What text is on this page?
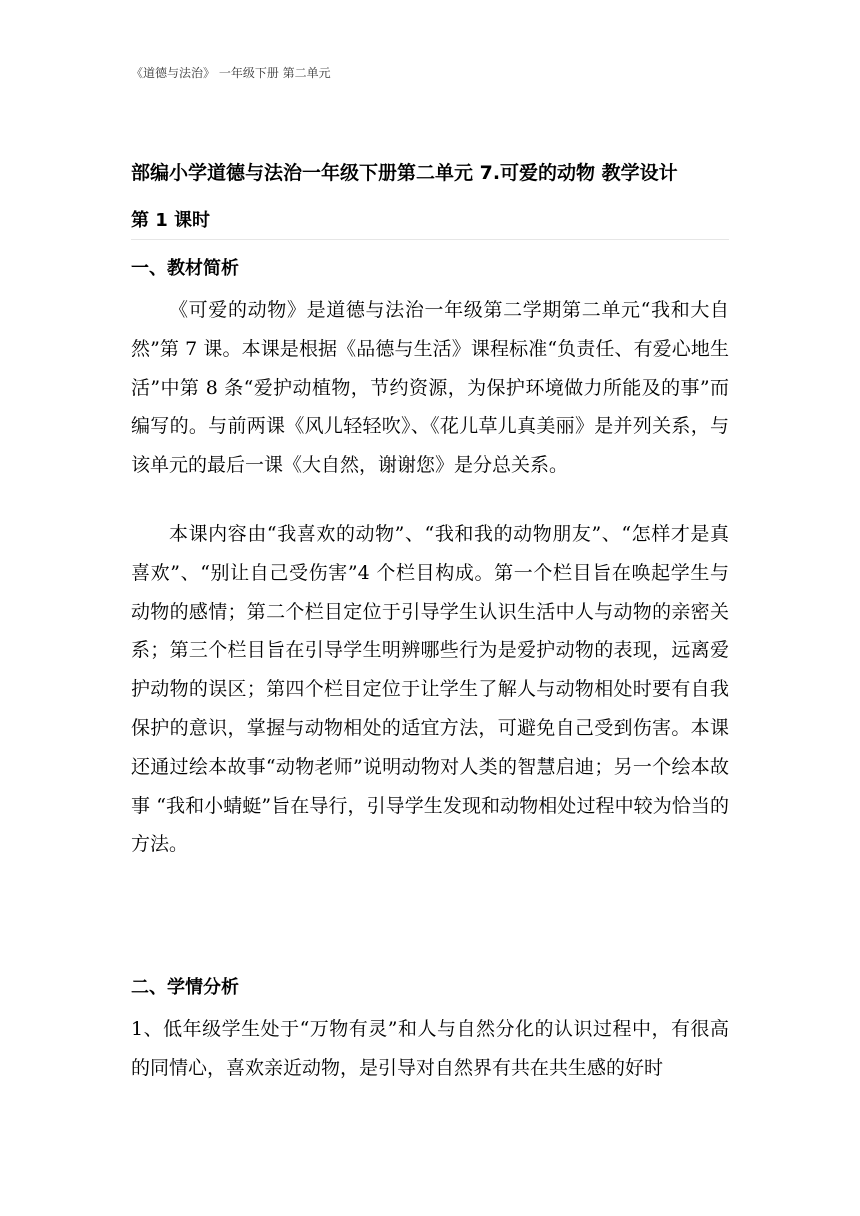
《道德与法治》 一年级下册 第二单元
部编小学道德与法治一年级下册第二单元 7.可爱的动物 教学设计
第 1 课时
一、教材简析

《可爱的动物》是道德与法治一年级第二学期第二单元“我和大自然”第 7 课。本课是根据《品德与生活》课程标准“负责任、有爱心地生活”中第 8 条“爱护动植物，节约资源，为保护环境做力所能及的事”而编写的。与前两课《风儿轻轻吹》、《花儿草儿真美丽》是并列关系，与该单元的最后一课《大自然，谢谢您》是分总关系。

本课内容由“我喜欢的动物”、“我和我的动物朋友”、“怎样才是真喜欢”、“别让自己受伤害”4 个栏目构成。第一个栏目旨在唤起学生与动物的感情；第二个栏目定位于引导学生认识生活中人与动物的亲密关系；第三个栏目旨在引导学生明辨哪些行为是爱护动物的表现，远离爱护动物的误区；第四个栏目定位于让学生了解人与动物相处时要有自我保护的意识，掌握与动物相处的适宜方法，可避免自己受到伤害。本课还通过绘本故事“动物老师”说明动物对人类的智慧启迪；另一个绘本故事 “我和小蜻蜓”旨在导行，引导学生发现和动物相处过程中较为恰当的方法。

二、学情分析

1、低年级学生处于“万物有灵”和人与自然分化的认识过程中，有很高的同情心，喜欢亲近动物，是引导对自然界有共在共生感的好时
